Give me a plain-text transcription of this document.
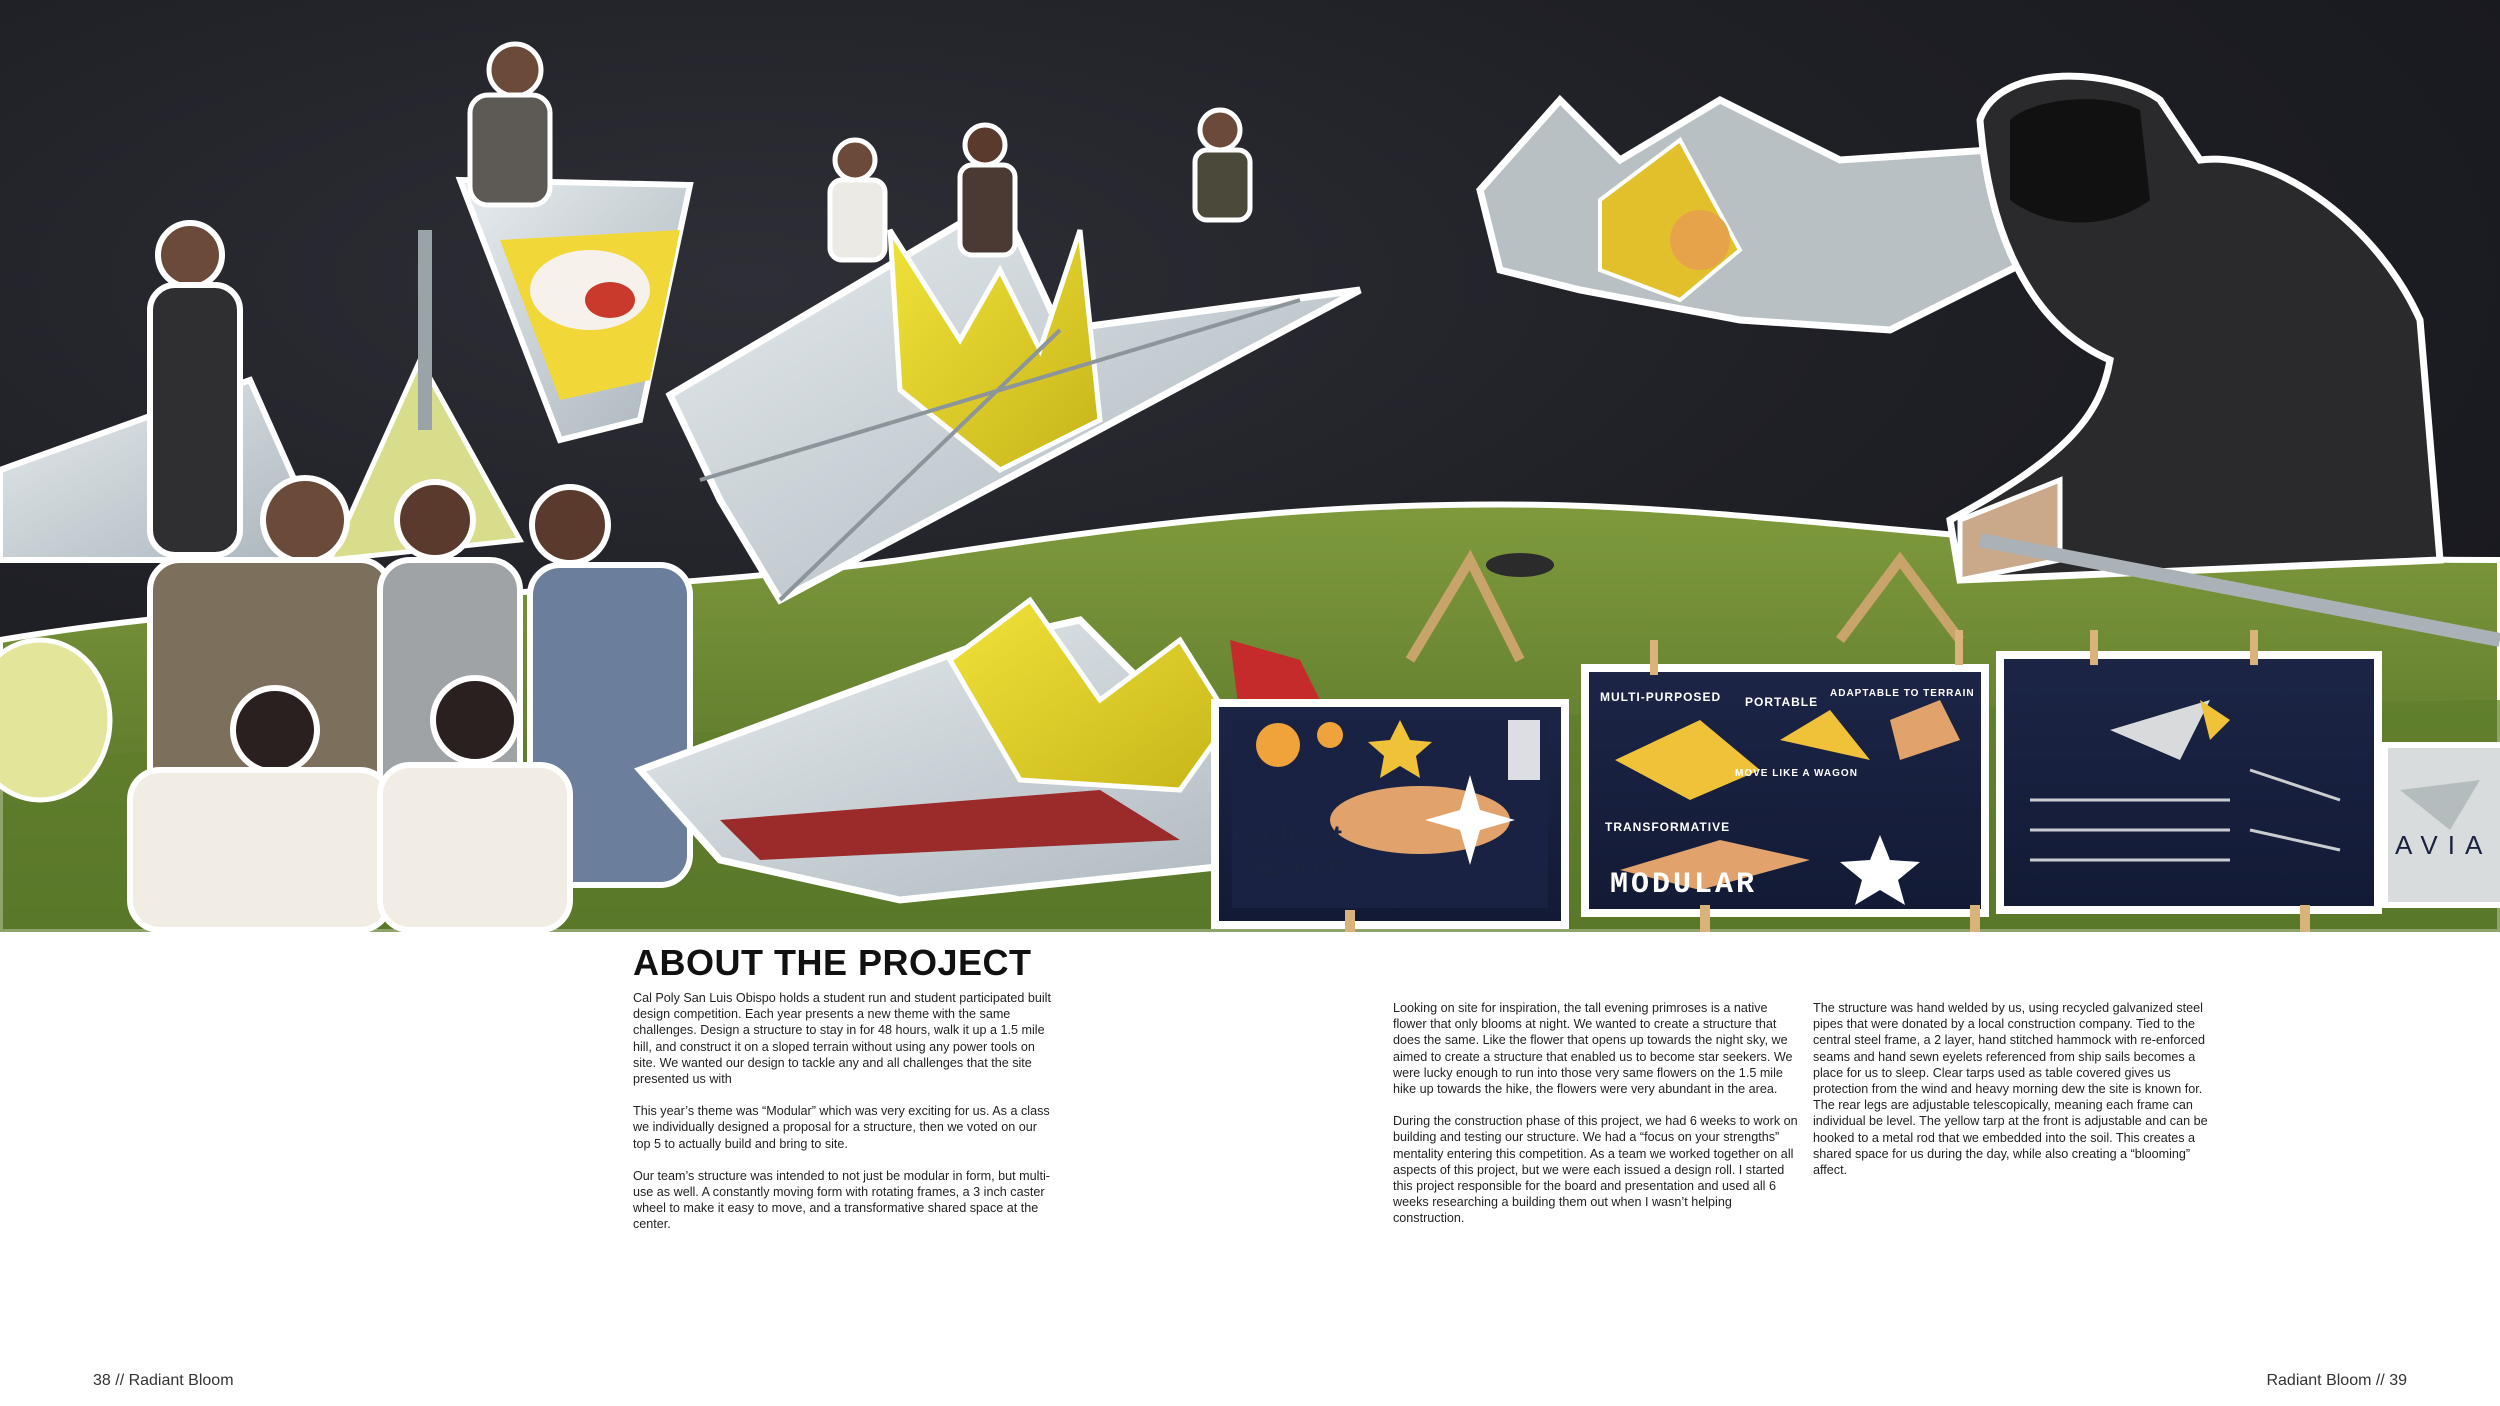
Radiant
Bloom
MULTI-PURPOSED PORTABLE
ADAPTABLE TO TERRAIN
MOVE LIKE A WAGON
TRANSFORMATIVE
MODULAR
AVIA
ABOUT THE PROJECT

Cal Poly San Luis Obispo holds a student run and student participated built design competition. Each year presents a new theme with the same challenges. Design a structure to stay in for 48 hours, walk it up a 1.5 mile hill, and construct it on a sloped terrain without using any power tools on site. We wanted our design to tackle any and all challenges that the site presented us with

This year’s theme was “Modular” which was very exciting for us. As a class we individually designed a proposal for a structure, then we voted on our top 5 to actually build and bring to site.

Our team’s structure was intended to not just be modular in form, but multi-use as well. A constantly moving form with rotating frames, a 3 inch caster wheel to make it easy to move, and a transformative shared space at the center.

Looking on site for inspiration, the tall evening primroses is a native flower that only blooms at night. We wanted to create a structure that does the same. Like the flower that opens up towards the night sky, we aimed to create a structure that enabled us to become star seekers. We were lucky enough to run into those very same flowers on the 1.5 mile hike up towards the hike, the flowers were very abundant in the area.

During the construction phase of this project, we had 6 weeks to work on building and testing our structure. We had a “focus on your strengths” mentality entering this competition. As a team we worked together on all aspects of this project, but we were each issued a design roll. I started this project responsible for the board and presentation and used all 6 weeks researching a building them out when I wasn’t helping construction.

The structure was hand welded by us, using recycled galvanized steel pipes that were donated by a local construction company. Tied to the central steel frame, a 2 layer, hand stitched hammock with re-enforced seams and hand sewn eyelets referenced from ship sails becomes a place for us to sleep. Clear tarps used as table covered gives us protection from the wind and heavy morning dew the site is known for. The rear legs are adjustable telescopically, meaning each frame can individual be level. The yellow tarp at the front is adjustable and can be hooked to a metal rod that we embedded into the soil. This creates a shared space for us during the day, while also creating a “blooming” affect.

38 // Radiant Bloom	Radiant Bloom // 39
